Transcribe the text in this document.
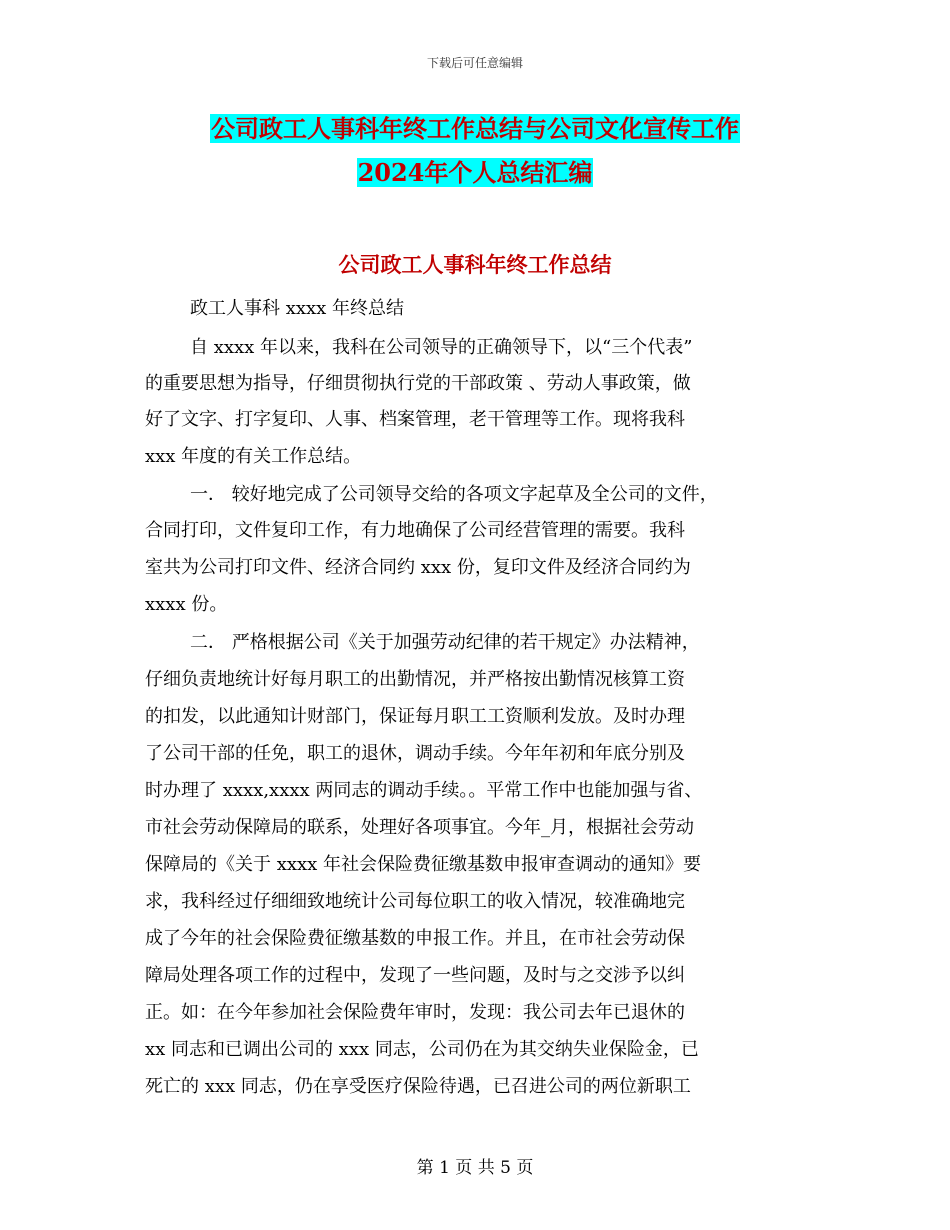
下载后可任意编辑
公司政工人事科年终工作总结与公司文化宣传工作
2024年个人总结汇编
公司政工人事科年终工作总结
政工人事科 xxxx 年终总结
自 xxxx 年以来，我科在公司领导的正确领导下，以“三个代表”
的重要思想为指导，仔细贯彻执行党的干部政策 、劳动人事政策，做
好了文字、打字复印、人事、档案管理，老干管理等工作。现将我科
xxx 年度的有关工作总结。
一． 较好地完成了公司领导交给的各项文字起草及全公司的文件，
合同打印，文件复印工作，有力地确保了公司经营管理的需要。我科
室共为公司打印文件、经济合同约 xxx 份，复印文件及经济合同约为
xxxx 份。
二． 严格根据公司《关于加强劳动纪律的若干规定》办法精神，
仔细负责地统计好每月职工的出勤情况，并严格按出勤情况核算工资
的扣发，以此通知计财部门，保证每月职工工资顺利发放。及时办理
了公司干部的任免，职工的退休，调动手续。今年年初和年底分别及
时办理了 xxxx,xxxx 两同志的调动手续。。平常工作中也能加强与省、
市社会劳动保障局的联系，处理好各项事宜。今年_月，根据社会劳动
保障局的《关于 xxxx 年社会保险费征缴基数申报审查调动的通知》要
求，我科经过仔细细致地统计公司每位职工的收入情况，较准确地完
成了今年的社会保险费征缴基数的申报工作。并且，在市社会劳动保
障局处理各项工作的过程中，发现了一些问题，及时与之交涉予以纠
正。如：在今年参加社会保险费年审时，发现：我公司去年已退休的
xx 同志和已调出公司的 xxx 同志，公司仍在为其交纳失业保险金，已
死亡的 xxx 同志，仍在享受医疗保险待遇，已召进公司的两位新职工
第 1 页 共 5 页
